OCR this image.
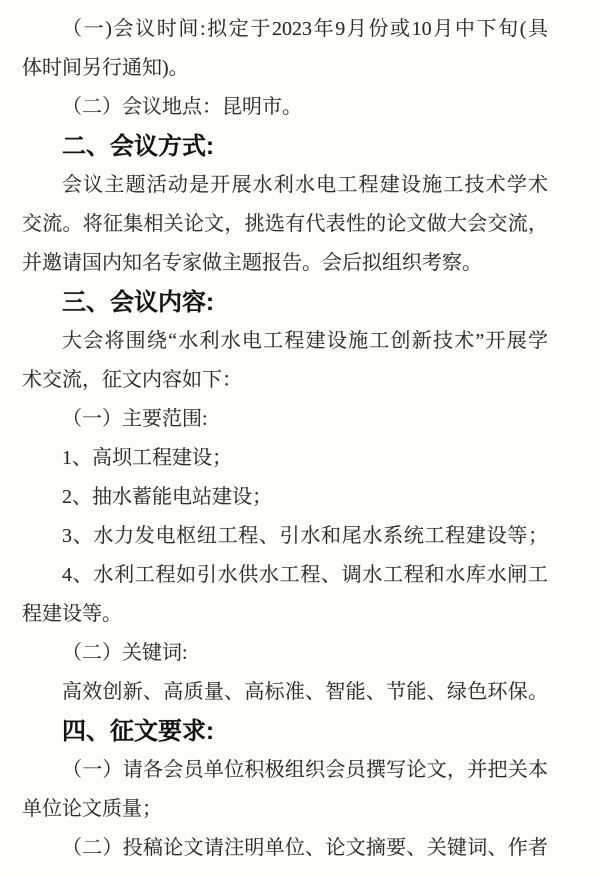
（一)会议时间:拟定于2023年9月份或10月中下旬(具
体时间另行通知)。
（二）会议地点：昆明市。
二、会议方式:
会议主题活动是开展水利水电工程建设施工技术学术
交流。将征集相关论文，挑选有代表性的论文做大会交流，
并邀请国内知名专家做主题报告。会后拟组织考察。
三、会议内容:
大会将围绕“水利水电工程建设施工创新技术”开展学
术交流，征文内容如下：
（一）主要范围:
1、高坝工程建设；
2、抽水蓄能电站建设；
3、水力发电枢纽工程、引水和尾水系统工程建设等；
4、水利工程如引水供水工程、调水工程和水库水闸工
程建设等。
（二）关键词:
高效创新、高质量、高标准、智能、节能、绿色环保。
四、征文要求:
（一）请各会员单位积极组织会员撰写论文，并把关本
单位论文质量；
（二）投稿论文请注明单位、论文摘要、关键词、作者
